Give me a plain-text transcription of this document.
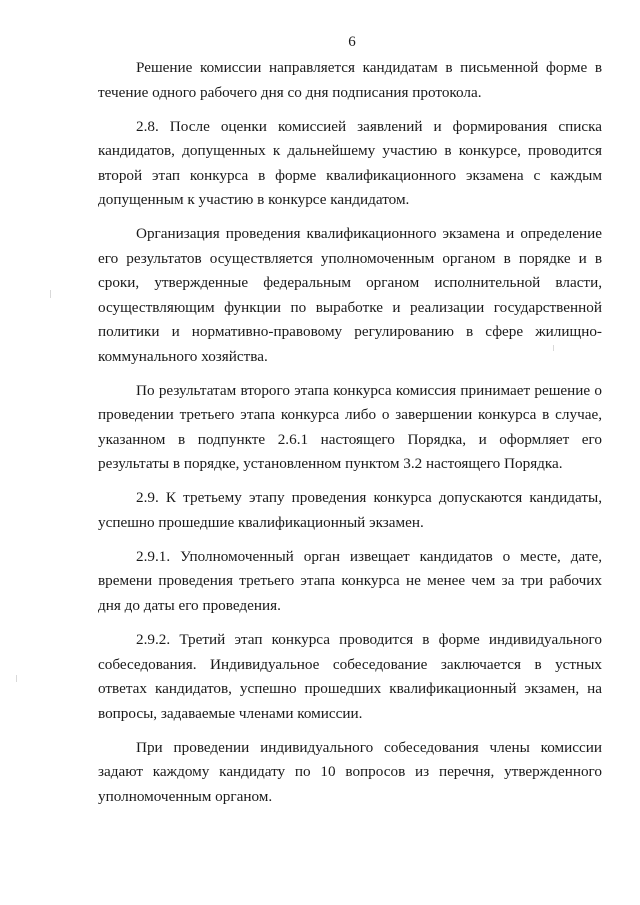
6

Решение комиссии направляется кандидатам в письменной форме в течение одного рабочего дня со дня подписания протокола.

2.8. После оценки комиссией заявлений и формирования списка кандидатов, допущенных к дальнейшему участию в конкурсе, проводится второй этап конкурса в форме квалификационного экзамена с каждым допущенным к участию в конкурсе кандидатом.

Организация проведения квалификационного экзамена и определение его результатов осуществляется уполномоченным органом в порядке и в сроки, утвержденные федеральным органом исполнительной власти, осуществляющим функции по выработке и реализации государственной политики и нормативно-правовому регулированию в сфере жилищно-коммунального хозяйства.

По результатам второго этапа конкурса комиссия принимает решение о проведении третьего этапа конкурса либо о завершении конкурса в случае, указанном в подпункте 2.6.1 настоящего Порядка, и оформляет его результаты в порядке, установленном пунктом 3.2 настоящего Порядка.

2.9. К третьему этапу проведения конкурса допускаются кандидаты, успешно прошедшие квалификационный экзамен.

2.9.1. Уполномоченный орган извещает кандидатов о месте, дате, времени проведения третьего этапа конкурса не менее чем за три рабочих дня до даты его проведения.

2.9.2. Третий этап конкурса проводится в форме индивидуального собеседования. Индивидуальное собеседование заключается в устных ответах кандидатов, успешно прошедших квалификационный экзамен, на вопросы, задаваемые членами комиссии.

При проведении индивидуального собеседования члены комиссии задают каждому кандидату по 10 вопросов из перечня, утвержденного уполномоченным органом.
